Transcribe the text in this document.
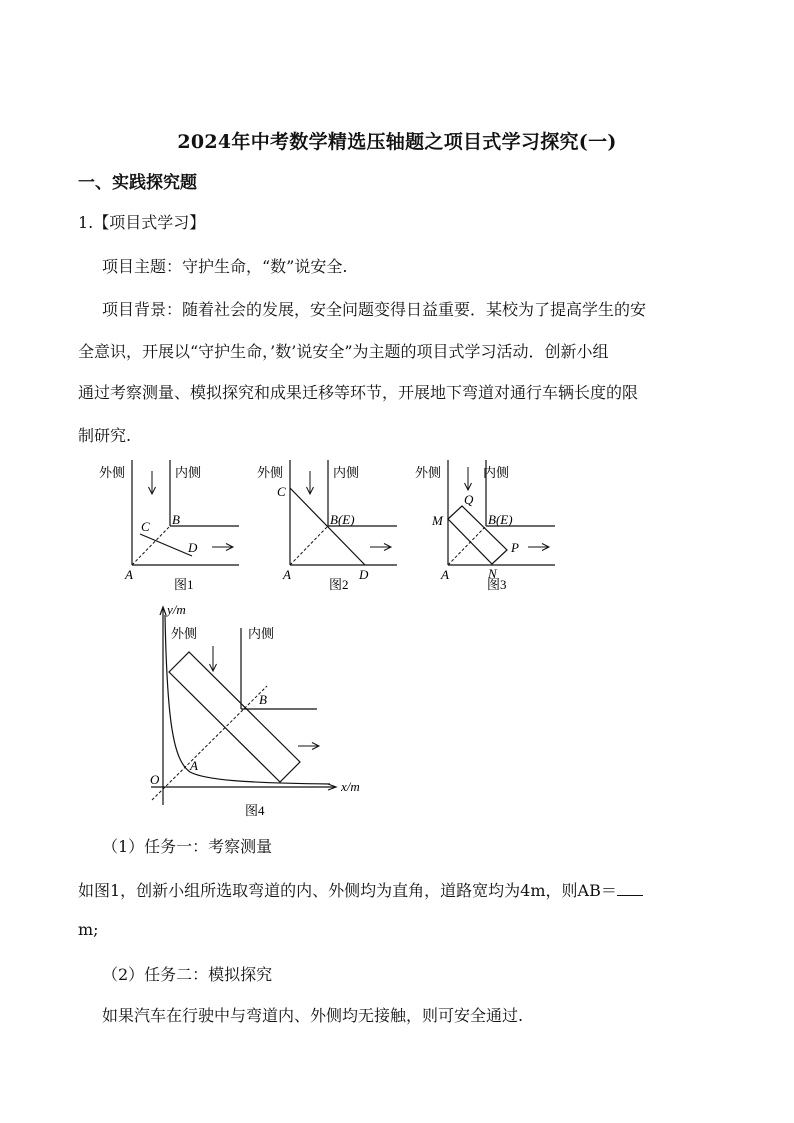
2024年中考数学精选压轴题之项目式学习探究(一)
一、实践探究题
1.【项目式学习】
项目主题：守护生命，“数”说安全.
项目背景：随着社会的发展，安全问题变得日益重要．某校为了提高学生的安
全意识，开展以“守护生命，’数’说安全”为主题的项目式学习活动．创新小组
通过考察测量、模拟探究和成果迁移等环节，开展地下弯道对通行车辆长度的限
制研究.
外侧	内侧
A
B
C
D
图1
外侧	内侧
A
B(E)
C
D
图2
外侧	内侧
A
B(E)
M
N
P
Q
图3
y/m
x/m
O
外侧	内侧
B
A
图4
（1）任务一：考察测量
如图1，创新小组所选取弯道的内、外侧均为直角，道路宽均为4m，则AB＝
m;
（2）任务二：模拟探究
如果汽车在行驶中与弯道内、外侧均无接触，则可安全通过.
